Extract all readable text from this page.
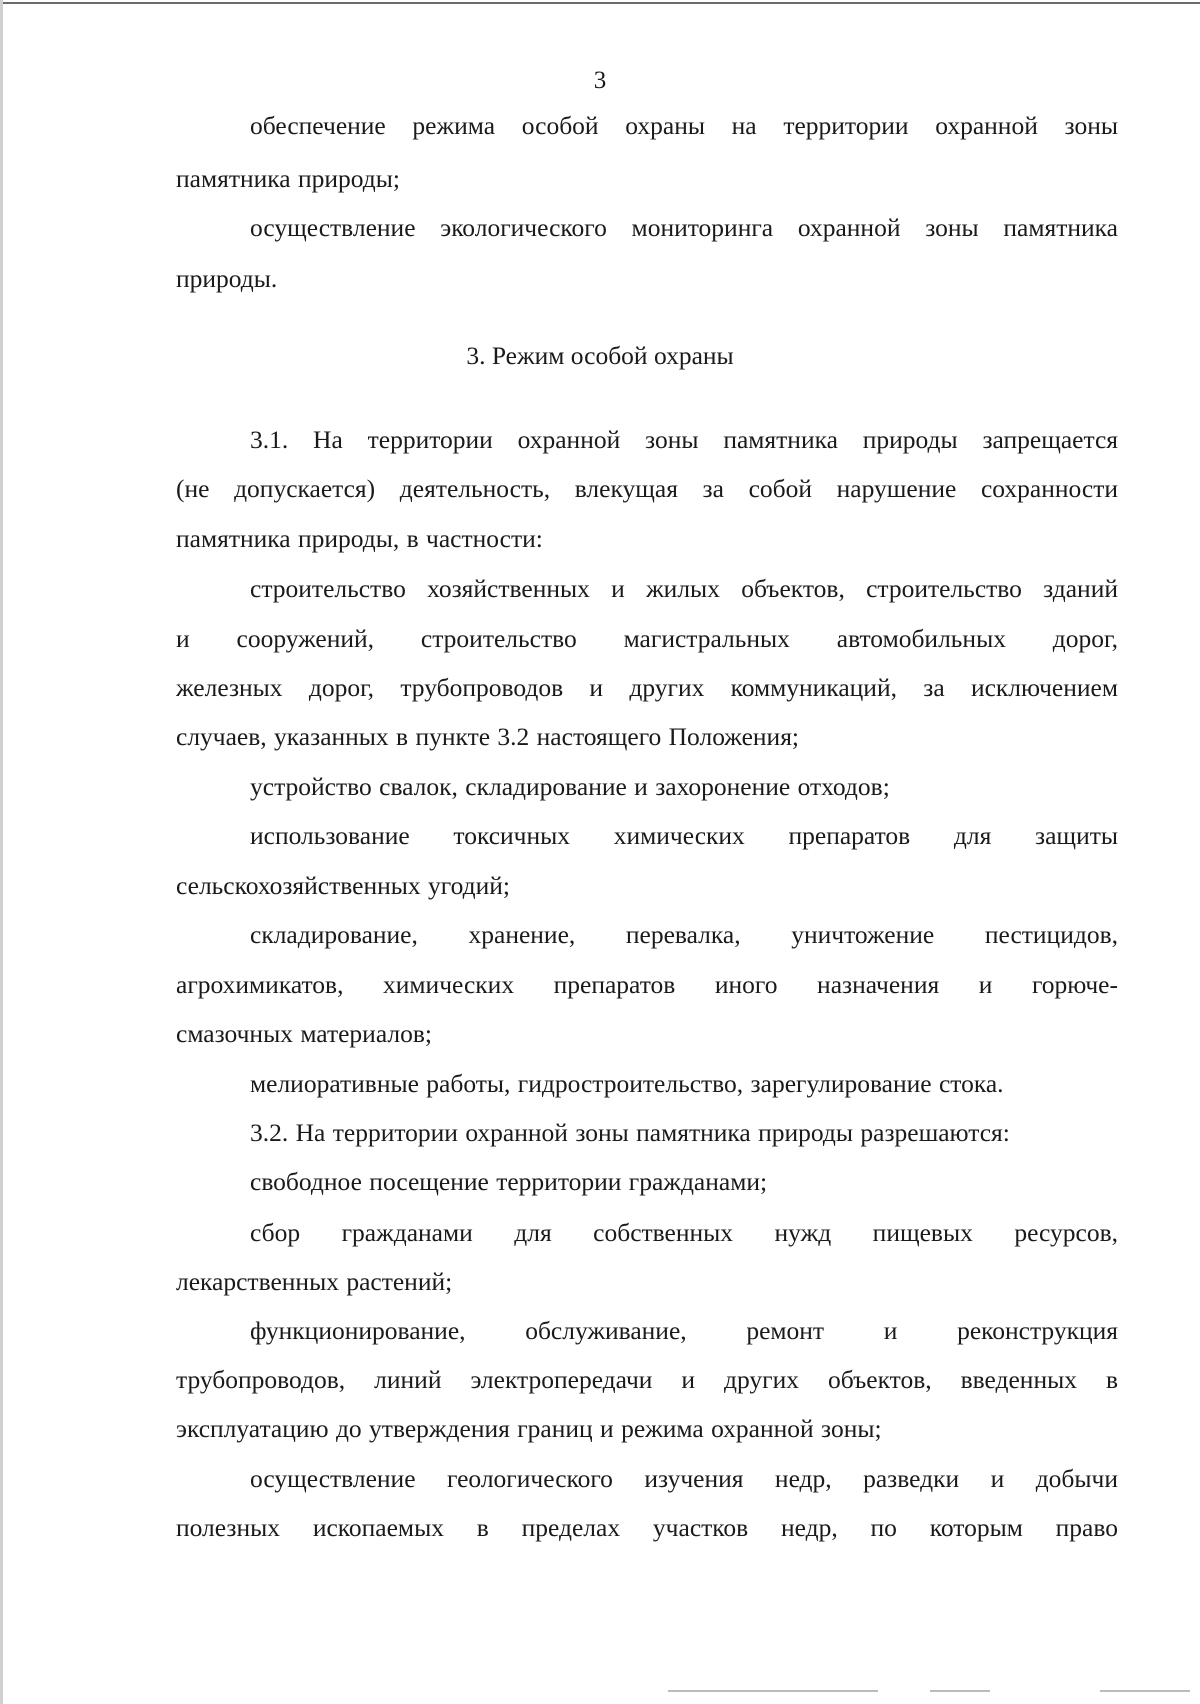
3
обеспечение режима особой охраны на территории охранной зоны
памятника природы;
осуществление экологического мониторинга охранной зоны памятника
природы.
3. Режим особой охраны
3.1. На территории охранной зоны памятника природы запрещается
(не допускается) деятельность, влекущая за собой нарушение сохранности
памятника природы, в частности:
строительство хозяйственных и жилых объектов, строительство зданий
и сооружений, строительство магистральных автомобильных дорог,
железных дорог, трубопроводов и других коммуникаций, за исключением
случаев, указанных в пункте 3.2 настоящего Положения;
устройство свалок, складирование и захоронение отходов;
использование токсичных химических препаратов для защиты
сельскохозяйственных угодий;
складирование, хранение, перевалка, уничтожение пестицидов,
агрохимикатов, химических препаратов иного назначения и горюче-
смазочных материалов;
мелиоративные работы, гидростроительство, зарегулирование стока.
3.2. На территории охранной зоны памятника природы разрешаются:
свободное посещение территории гражданами;
сбор гражданами для собственных нужд пищевых ресурсов,
лекарственных растений;
функционирование, обслуживание, ремонт и реконструкция
трубопроводов, линий электропередачи и других объектов, введенных в
эксплуатацию до утверждения границ и режима охранной зоны;
осуществление геологического изучения недр, разведки и добычи
полезных ископаемых в пределах участков недр, по которым право
